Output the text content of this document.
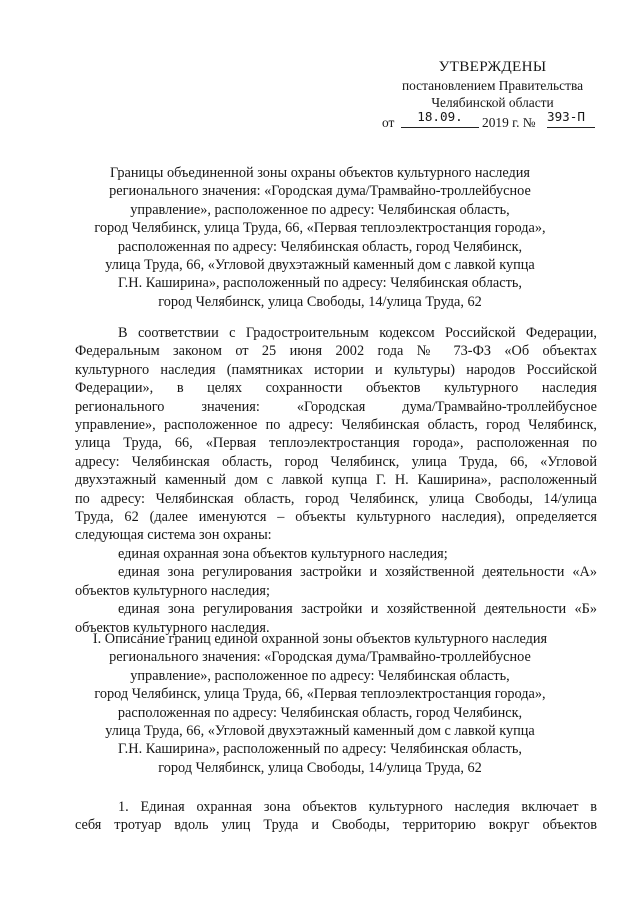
УТВЕРЖДЕНЫ
постановлением Правительства
Челябинской области
от	18.09.	2019 г. № 393-П
Границы объединенной зоны охраны объектов культурного наследия
регионального значения: «Городская дума/Трамвайно-троллейбусное
управление», расположенное по адресу: Челябинская область,
город Челябинск, улица Труда, 66, «Первая теплоэлектростанция города»,
расположенная по адресу: Челябинская область, город Челябинск,
улица Труда, 66, «Угловой двухэтажный каменный дом с лавкой купца
Г.Н. Каширина», расположенный по адресу: Челябинская область,
город Челябинск, улица Свободы, 14/улица Труда, 62
В соответствии с Градостроительным кодексом Российской Федерации,
Федеральным законом от 25 июня 2002 года № 73-ФЗ «Об объектах
культурного наследия (памятниках истории и культуры) народов Российской
Федерации», в целях сохранности объектов культурного наследия
регионального значения: «Городская дума/Трамвайно-троллейбусное
управление», расположенное по адресу: Челябинская область, город Челябинск,
улица Труда, 66, «Первая теплоэлектростанция города», расположенная по
адресу: Челябинская область, город Челябинск, улица Труда, 66, «Угловой
двухэтажный каменный дом с лавкой купца Г. Н. Каширина», расположенный
по адресу: Челябинская область, город Челябинск, улица Свободы, 14/улица
Труда, 62 (далее именуются – объекты культурного наследия), определяется
следующая система зон охраны:
единая охранная зона объектов культурного наследия;
единая зона регулирования застройки и хозяйственной деятельности «А»
объектов культурного наследия;
единая зона регулирования застройки и хозяйственной деятельности «Б»
объектов культурного наследия.
I. Описание границ единой охранной зоны объектов культурного наследия
регионального значения: «Городская дума/Трамвайно-троллейбусное
управление», расположенное по адресу: Челябинская область,
город Челябинск, улица Труда, 66, «Первая теплоэлектростанция города»,
расположенная по адресу: Челябинская область, город Челябинск,
улица Труда, 66, «Угловой двухэтажный каменный дом с лавкой купца
Г.Н. Каширина», расположенный по адресу: Челябинская область,
город Челябинск, улица Свободы, 14/улица Труда, 62
1. Единая охранная зона объектов культурного наследия включает в
себя тротуар вдоль улиц Труда и Свободы, территорию вокруг объектов
